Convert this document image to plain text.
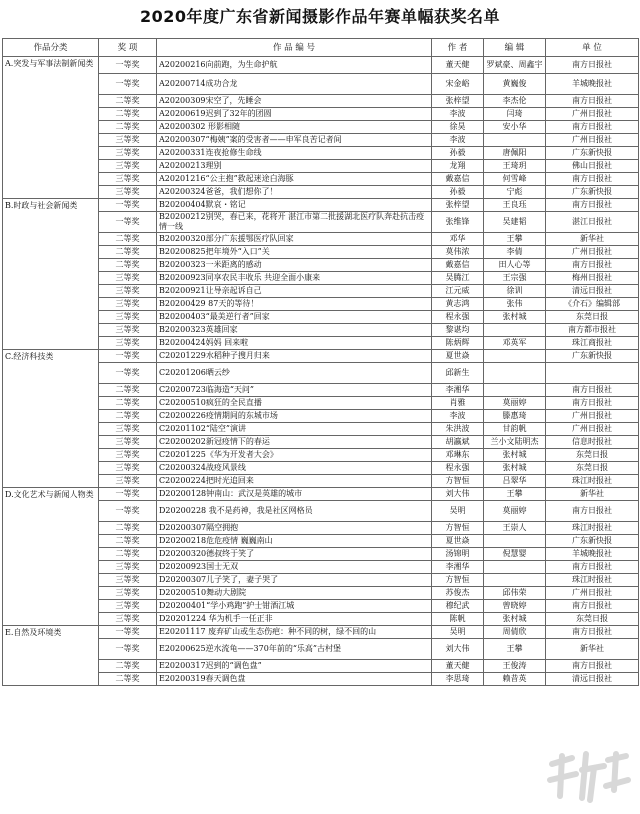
2020年度广东省新闻摄影作品年赛单幅获奖名单
作品分类	奖 项	作 品 编 号	作 者	编 辑	单 位
A.突发与军事法制新闻类	一等奖	A20200216向前跑，为生命护航	董天健	罗斌豪、周鑫宇	南方日报社
	一等奖	A20200714成功合龙	宋金峪	黄巍俊	羊城晚报社
	二等奖	A20200309宋空了，先睡会	张梓望	李杰伦	南方日报社
	二等奖	A20200619迟到了32年的团圆	李波	闫琦	广州日报社
	二等奖	A20200302 形影相随	徐昊	安小华	南方日报社
	三等奖	A20200307“梅姨”案的受害者——申军良苦记者间	李波		广州日报社
	三等奖	A20200331连夜抢修生命线	孙毅	唐佩阳	广东新快报
	三等奖	A20200213理别	龙翔	王琦玥	佛山日报社
	三等奖	A20201216“公主抱”救起迷途白海豚	戴嘉信	何雪峰	南方日报社
	三等奖	A20200324爸爸，我们想你了！	孙毅	宁彪	广东新快报
B.时政与社会新闻类	一等奖	B20200404默哀・铭记	张梓望	王良珏	南方日报社
	一等奖	B20200212别哭，春已来，花将开 湛江市第二批援湖北医疗队奔赴抗击疫情一线	张维锋	吴建韬	湛江日报社
	二等奖	B20200320部分广东援鄂医疗队回家	邓华	王攀	新华社
	二等奖	B20200825把年境外“入口”关	莫伟浓	李倩	广州日报社
	二等奖	B20200323一米距离的感动	戴嘉信	田人心等	南方日报社
	三等奖	B20200923同享农民丰收乐 共迎全面小康来	吴腾江	王宗强	梅州日报社
	三等奖	B20200921让导亲起诉自己	江元威	徐训	清远日报社
	三等奖	B20200429 87天的等待！	黄志鸿	张伟	《介石》编辑部
	三等奖	B20200403“最美逆行者”回家	程永强	张村城	东莞日报
	三等奖	B20200323英雄回家	黎谌均		南方都市报社
	三等奖	B20200424妈妈 回来啦	陈炳辉	邓英军	珠江商报社
C.经济科技类	一等奖	C20201229水稻种子搜月归来	夏世焱		广东新快报
	一等奖	C20201206晒云纱	邱新生		
	二等奖	C20200723临海造“天问”	李湘华		南方日报社
	二等奖	C20200510疯狂的全民直播	肖雅	莫丽婷	南方日报社
	二等奖	C20200226疫情期间的东城市场	李波	滕惠琦	广州日报社
	三等奖	C20201102“陆空”演讲	朱洪波	甘韵帆	广州日报社
	三等奖	C20200202新冠疫情下的春运	胡瀛斌	兰小文陆明杰	信息时报社
	三等奖	C20201225《华为开发者大会》	邓琳东	张村城	东莞日报
	三等奖	C20200324战疫风景线	程永强	张村城	东莞日报
	三等奖	C20200224把时光追回来	方智恒	吕翠华	珠江时报社
D.文化艺术与新闻人物类	一等奖	D20200128钟南山：武汉是英雄的城市	刘大伟	王攀	新华社
	一等奖	D20200228 我不是药神，我是社区网格员	吴明	莫丽婷	南方日报社
	二等奖	D20200307隔空拥抱	方智恒	王崇人	珠江时报社
	二等奖	D20200218危危疫情 巍巍南山	夏世焱		广东新快报
	二等奖	D20200320德叔终于笑了	汤锦明	倪慧婴	羊城晚报社
	三等奖	D20200923国士无双	李湘华		南方日报社
	三等奖	D20200307儿子笑了，妻子哭了	方智恒		珠江时报社
	三等奖	D20200510舞动大剧院	苏俊杰	邱伟荣	广州日报社
	三等奖	D20200401“学小鸡跑”护士钳酒江城	穆纪武	曾晓婷	南方日报社
	三等奖	D20201224 华为机手一任正非	陈帆	张村城	东莞日报
E.自然及环境类	一等奖	E20201117 废弃矿山或生态伤疤：种不同的树，绿不回的山	吴明	周倩欣	南方日报社
	一等奖	E20200625逆水流龟——370年前的“乐高”古村堡	刘大伟	王攀	新华社
	二等奖	E20200317迟到的“调色盘”	董天健	王俊涛	南方日报社
	二等奖	E20200319春天调色盘	李思琦	赖昔英	清远日报社
